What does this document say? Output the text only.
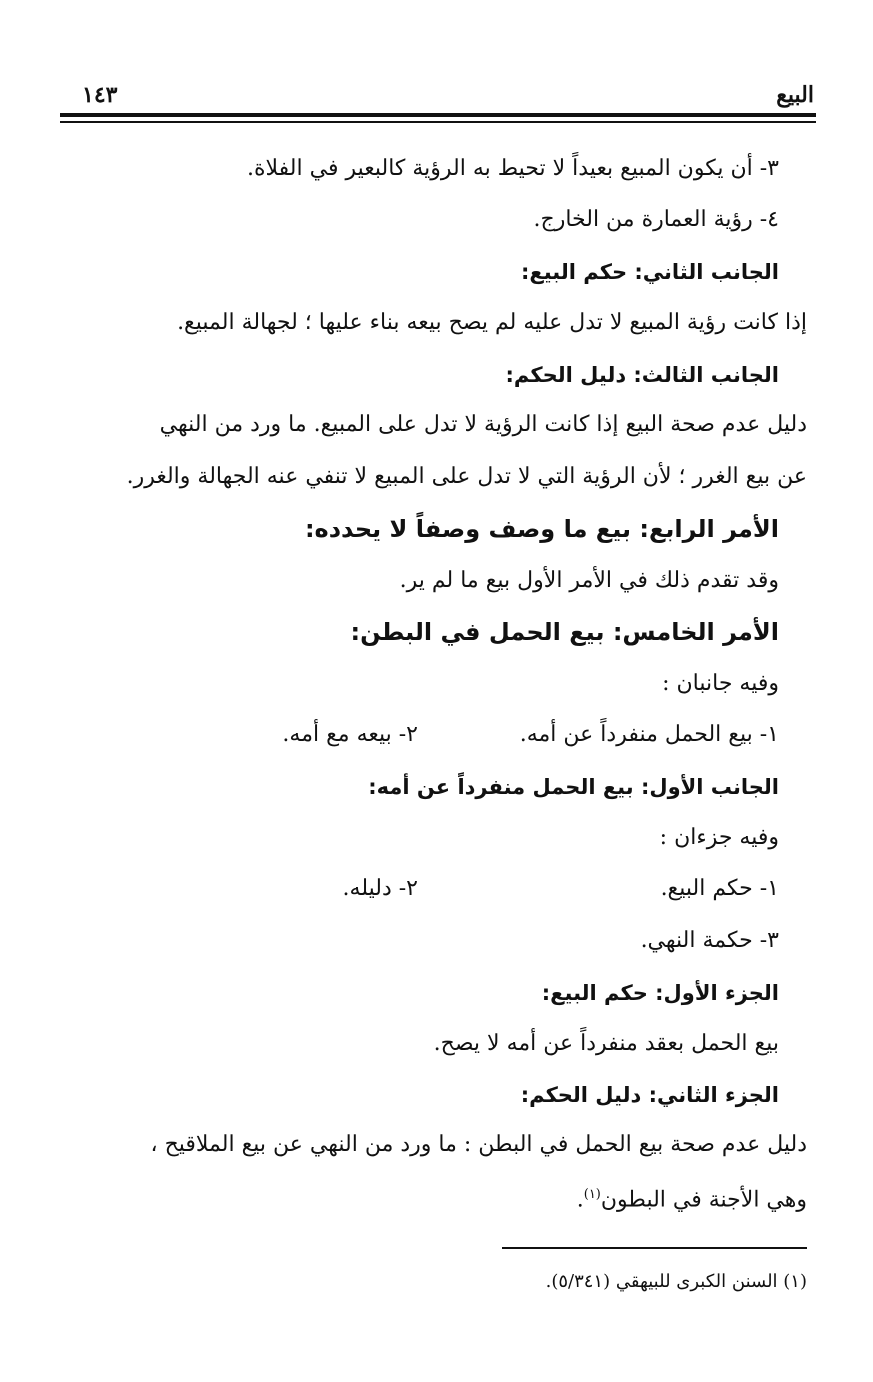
البيع
١٤٣
٣- أن يكون المبيع بعيداً لا تحيط به الرؤية كالبعير في الفلاة.
٤- رؤية العمارة من الخارج.
الجانب الثاني: حكم البيع:
إذا كانت رؤية المبيع لا تدل عليه لم يصح بيعه بناء عليها ؛ لجهالة المبيع.
الجانب الثالث: دليل الحكم:
دليل عدم صحة البيع إذا كانت الرؤية لا تدل على المبيع. ما ورد من النهي
عن بيع الغرر ؛ لأن الرؤية التي لا تدل على المبيع لا تنفي عنه الجهالة والغرر.
الأمر الرابع: بيع ما وصف وصفاً لا يحدده:
وقد تقدم ذلك في الأمر الأول بيع ما لم ير.
الأمر الخامس: بيع الحمل في البطن:
وفيه جانبان :
١- بيع الحمل منفرداً عن أمه.
٢- بيعه مع أمه.
الجانب الأول: بيع الحمل منفرداً عن أمه:
وفيه جزءان :
١- حكم البيع.
٢- دليله.
٣- حكمة النهي.
الجزء الأول: حكم البيع:
بيع الحمل بعقد منفرداً عن أمه لا يصح.
الجزء الثاني: دليل الحكم:
دليل عدم صحة بيع الحمل في البطن : ما ورد من النهي عن بيع الملاقيح ،
وهي الأجنة في البطون$^{(١)}$.
(١) السنن الكبرى للبيهقي (٥/٣٤١).
